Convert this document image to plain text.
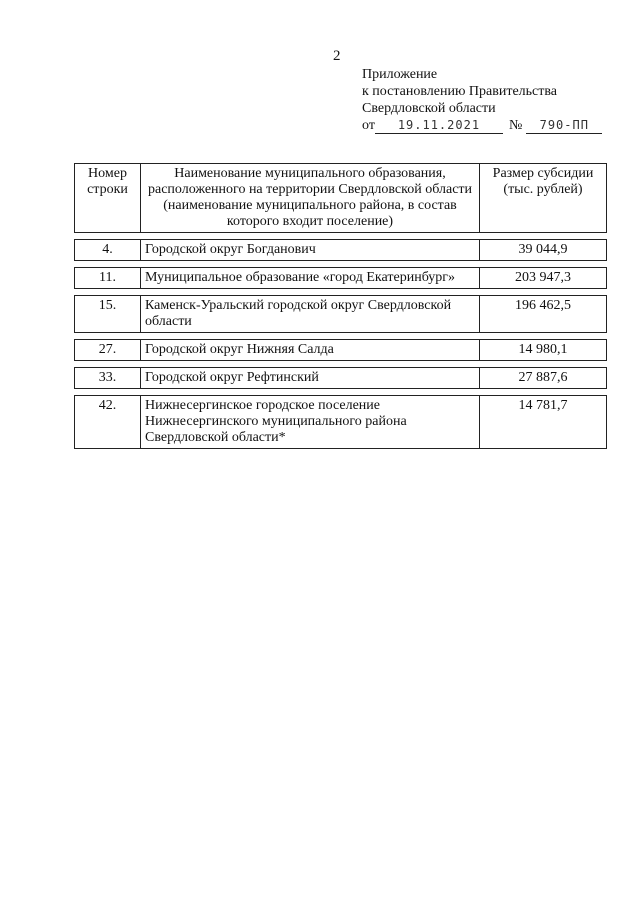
2
Приложение
к постановлению Правительства
Свердловской области
от 19.11.2021 № 790-ПП
Номер строки	Наименование муниципального образования, расположенного на территории Свердловской области (наименование муниципального района, в состав которого входит поселение)	Размер субсидии (тыс. рублей)

4.	Городской округ Богданович	39 044,9

11.	Муниципальное образование «город Екатеринбург»	203 947,3

15.	Каменск-Уральский городской округ Свердловской области	196 462,5

27.	Городской округ Нижняя Салда	14 980,1

33.	Городской округ Рефтинский	27 887,6

42.	Нижнесергинское городское поселение Нижнесергинского муниципального района Свердловской области*	14 781,7
